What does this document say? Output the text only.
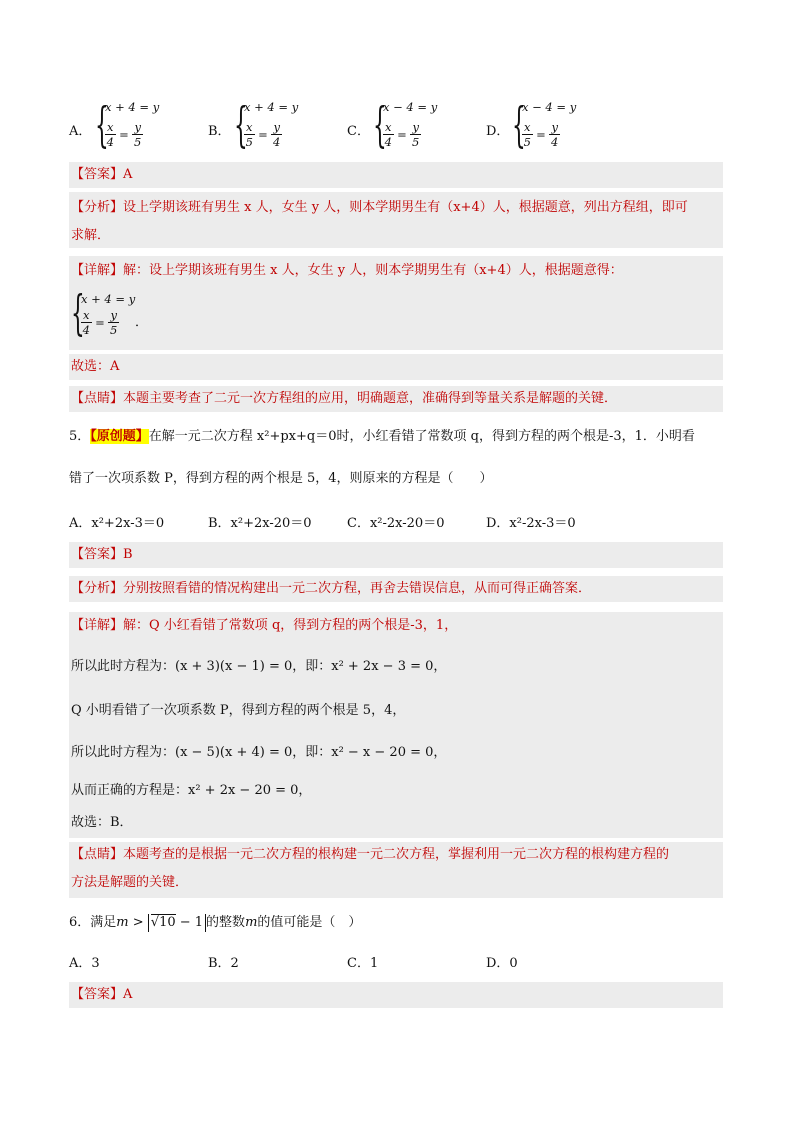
A． {
x + 4 = y
$\frac{x}{4} = \frac{y}{5}$	B． {
x + 4 = y
$\frac{x}{5} = \frac{y}{4}$	C． {
x − 4 = y
$\frac{x}{4} = \frac{y}{5}$	D． {
x − 4 = y
$\frac{x}{5} = \frac{y}{4}$
【答案】A
【分析】设上学期该班有男生 x 人，女生 y 人，则本学期男生有（x+4）人，根据题意，列出方程组，即可
求解．
【详解】解：设上学期该班有男生 x 人，女生 y 人，则本学期男生有（x+4）人，根据题意得：
{
x + 4 = y
$\frac{x}{4} = \frac{y}{5}$ ．
故选：A
【点睛】本题主要考查了二元一次方程组的应用，明确题意，准确得到等量关系是解题的关键．
5．【原创题】在解一元二次方程 x²+px+q＝0时，小红看错了常数项 q，得到方程的两个根是-3，1．小明看
错了一次项系数 P，得到方程的两个根是 5，4，则原来的方程是（　　）
A．x²+2x-3＝0	B．x²+2x-20＝0	C．x²-2x-20＝0	D．x²-2x-3＝0
【答案】B
【分析】分别按照看错的情况构建出一元二次方程，再舍去错误信息，从而可得正确答案．
【详解】解：Q 小红看错了常数项 q，得到方程的两个根是-3，1，
所以此时方程为：(x + 3)(x − 1) = 0，即：x² + 2x − 3 = 0，
Q 小明看错了一次项系数 P，得到方程的两个根是 5，4，
所以此时方程为：(x − 5)(x + 4) = 0，即：x² − x − 20 = 0，
从而正确的方程是：x² + 2x − 20 = 0，
故选：B．
【点睛】本题考查的是根据一元二次方程的根构建一元二次方程，掌握利用一元二次方程的根构建方程的
方法是解题的关键．
6．满足m > √10 − 1 的整数m的值可能是（　）
A．3	B．2	C．1	D．0
【答案】A
